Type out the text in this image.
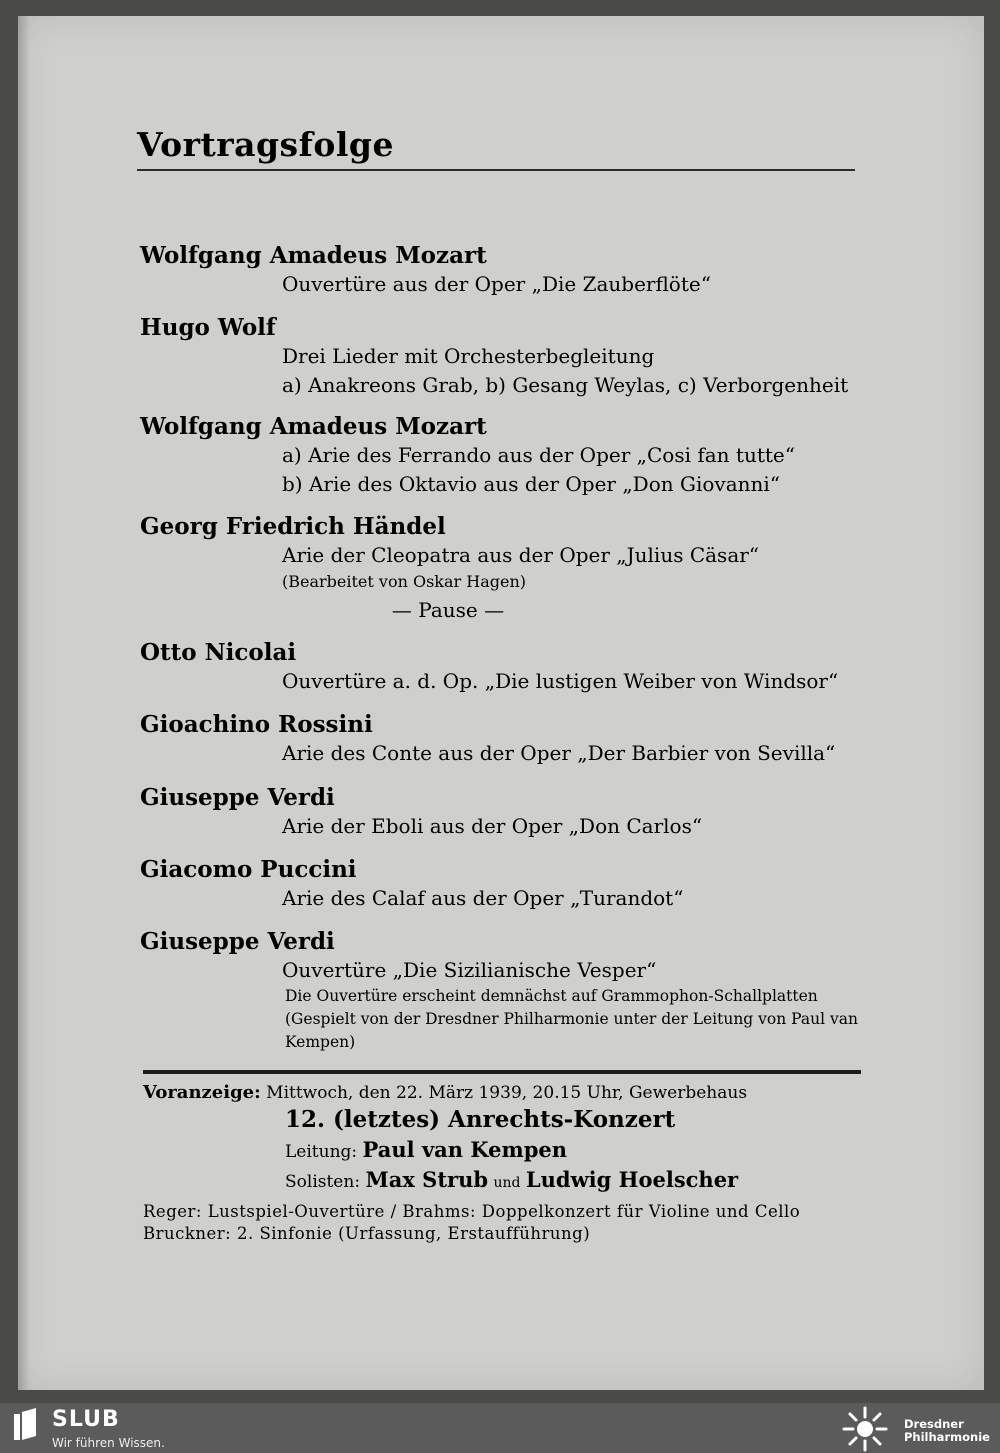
Vortragsfolge
Wolfgang Amadeus Mozart
Ouvertüre aus der Oper „Die Zauberflöte“
Hugo Wolf
Drei Lieder mit Orchesterbegleitung
a) Anakreons Grab, b) Gesang Weylas, c) Verborgenheit
Wolfgang Amadeus Mozart
a) Arie des Ferrando aus der Oper „Cosi fan tutte“
b) Arie des Oktavio aus der Oper „Don Giovanni“
Georg Friedrich Händel
Arie der Cleopatra aus der Oper „Julius Cäsar“
(Bearbeitet von Oskar Hagen)
— Pause —
Otto Nicolai
Ouvertüre a. d. Op. „Die lustigen Weiber von Windsor“
Gioachino Rossini
Arie des Conte aus der Oper „Der Barbier von Sevilla“
Giuseppe Verdi
Arie der Eboli aus der Oper „Don Carlos“
Giacomo Puccini
Arie des Calaf aus der Oper „Turandot“
Giuseppe Verdi
Ouvertüre „Die Sizilianische Vesper“
Die Ouvertüre erscheint demnächst auf Grammophon-Schallplatten (Gespielt von der Dresdner Philharmonie unter der Leitung von Paul van Kempen)
Voranzeige: Mittwoch, den 22. März 1939, 20.15 Uhr, Gewerbehaus
12. (letztes) Anrechts-Konzert
Leitung: Paul van Kempen
Solisten: Max Strub und Ludwig Hoelscher
Reger: Lustspiel-Ouvertüre / Brahms: Doppelkonzert für Violine und Cello
Bruckner: 2. Sinfonie (Urfassung, Erstaufführung)
SLUB
Wir führen Wissen.
Dresdner
Philharmonie
